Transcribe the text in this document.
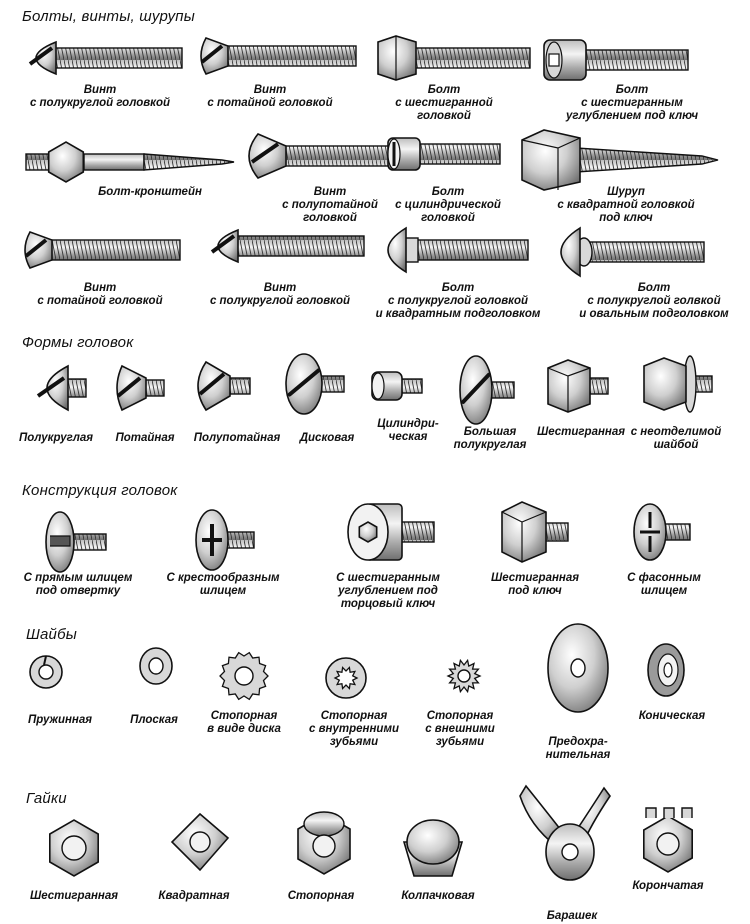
Болты, винты, шурупы
Винт
с полукруглой головкой
Винт
с потайной головкой
Болт
с шестигранной
головкой
Болт
с шестигранным
углублением под ключ
Болт-кронштейн	Винт
с полупотайной
головкой
Болт
с цилиндрической
головкой
Шуруп
с квадратной головкой
под ключ
Винт
с потайной головкой
Винт
с полукруглой головкой
Болт
с полукруглой головкой
и квадратным подголовком
Болт
с полукруглой голвкой
и овальным подголовком
Формы головок
Полукруглая Потайная Полупотайная Дисковая
Цилиндри-
ческая	Большая
полукруглая
Шестигранная с неотделимой
шайбой
Конструкция головок
С прямым шлицем
под отвертку
С крестообразным
шлицем
С шестигранным
углублением под
торцовый ключ
Шестигранная
под ключ
С фасонным
шлицем
Шайбы
Пружинная	Плоская	Стопорная
в виде диска
Стопорная
с внутренними
зубьями
Стопорная
с внешними
зубьями	Предохра-
нительная
Коническая
Гайки
Шестигранная	Квадратная	Стопорная	Колпачковая
Барашек
Корончатая
